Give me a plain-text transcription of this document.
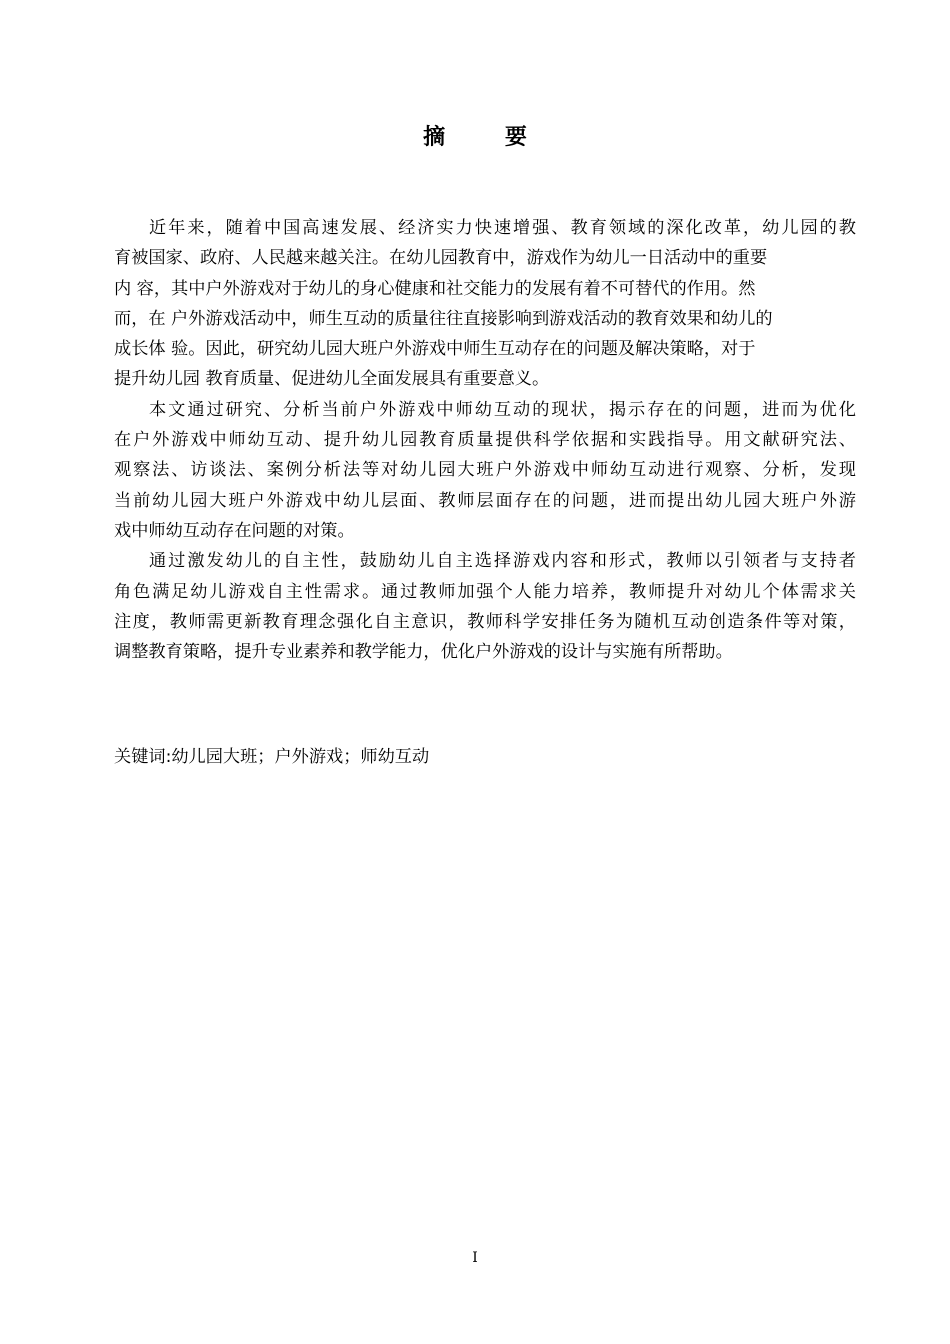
摘 要

近年来，随着中国高速发展、经济实力快速增强、教育领域的深化改革，幼儿园的教

育被国家、政府、人民越来越关注。在幼儿园教育中，游戏作为幼儿一日活动中的重要

内 容，其中户外游戏对于幼儿的身心健康和社交能力的发展有着不可替代的作用。然

而，在 户外游戏活动中，师生互动的质量往往直接影响到游戏活动的教育效果和幼儿的

成长体 验。因此，研究幼儿园大班户外游戏中师生互动存在的问题及解决策略，对于

提升幼儿园 教育质量、促进幼儿全面发展具有重要意义。

本文通过研究、分析当前户外游戏中师幼互动的现状，揭示存在的问题，进而为优化

在户外游戏中师幼互动、提升幼儿园教育质量提供科学依据和实践指导。用文献研究法、

观察法、访谈法、案例分析法等对幼儿园大班户外游戏中师幼互动进行观察、分析，发现

当前幼儿园大班户外游戏中幼儿层面、教师层面存在的问题，进而提出幼儿园大班户外游

戏中师幼互动存在问题的对策。

通过激发幼儿的自主性，鼓励幼儿自主选择游戏内容和形式，教师以引领者与支持者

角色满足幼儿游戏自主性需求。通过教师加强个人能力培养，教师提升对幼儿个体需求关

注度，教师需更新教育理念强化自主意识，教师科学安排任务为随机互动创造条件等对策，

调整教育策略，提升专业素养和教学能力，优化户外游戏的设计与实施有所帮助。

关键词:幼儿园大班；户外游戏；师幼互动

I
